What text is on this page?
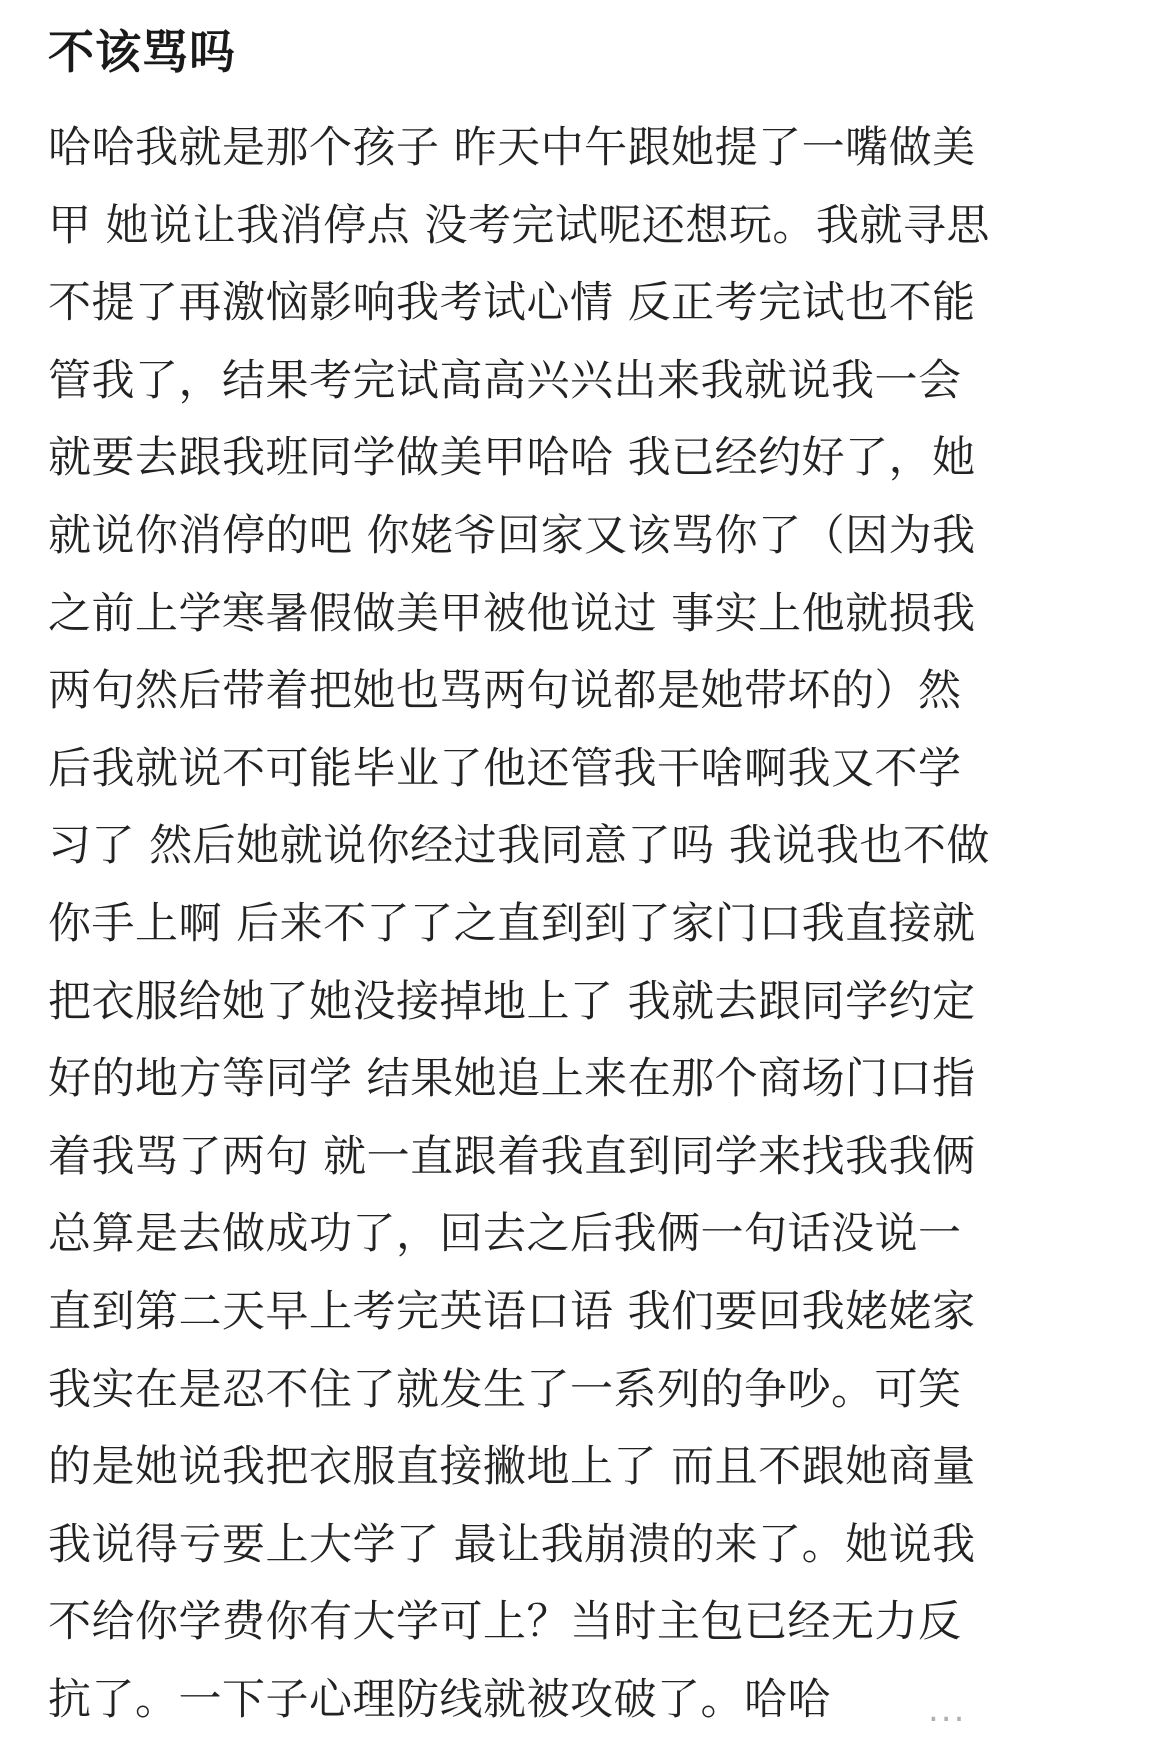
不该骂吗
哈哈我就是那个孩子 昨天中午跟她提了一嘴做美
甲 她说让我消停点 没考完试呢还想玩。我就寻思
不提了再激恼影响我考试心情 反正考完试也不能
管我了，结果考完试高高兴兴出来我就说我一会
就要去跟我班同学做美甲哈哈 我已经约好了，她
就说你消停的吧 你姥爷回家又该骂你了（因为我
之前上学寒暑假做美甲被他说过 事实上他就损我
两句然后带着把她也骂两句说都是她带坏的）然
后我就说不可能毕业了他还管我干啥啊我又不学
习了 然后她就说你经过我同意了吗 我说我也不做
你手上啊 后来不了了之直到到了家门口我直接就
把衣服给她了她没接掉地上了 我就去跟同学约定
好的地方等同学 结果她追上来在那个商场门口指
着我骂了两句 就一直跟着我直到同学来找我我俩
总算是去做成功了，回去之后我俩一句话没说一
直到第二天早上考完英语口语 我们要回我姥姥家
我实在是忍不住了就发生了一系列的争吵。可笑
的是她说我把衣服直接撇地上了 而且不跟她商量
我说得亏要上大学了 最让我崩溃的来了。她说我
不给你学费你有大学可上？当时主包已经无力反
抗了。一下子心理防线就被攻破了。哈哈	...
